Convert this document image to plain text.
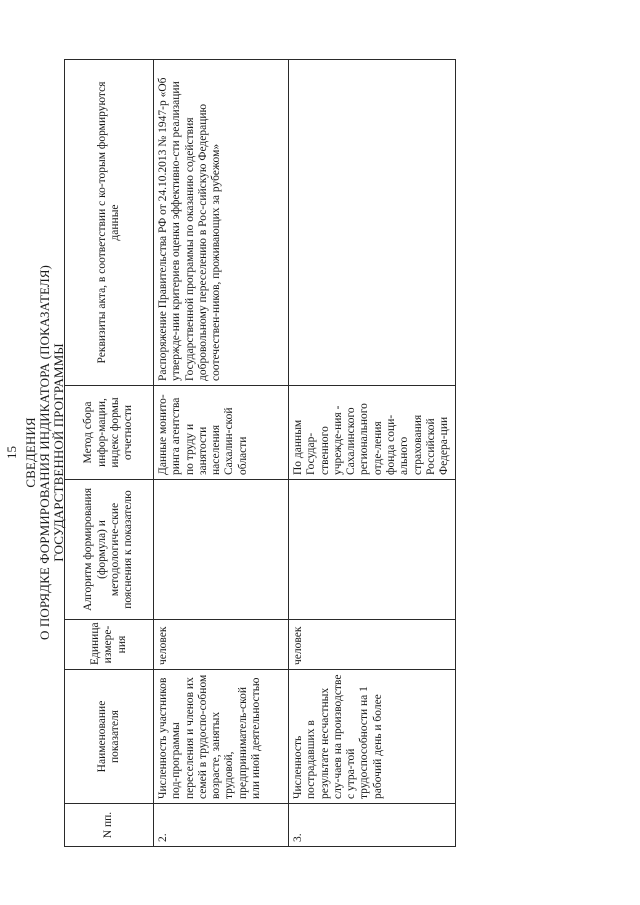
15 СВЕДЕНИЯ О ПОРЯДКЕ ФОРМИРОВАНИЯ ИНДИКАТОРА (ПОКАЗАТЕЛЯ) ГОСУДАРСТВЕННОЙ ПРОГРАММЫ
N пп.	Наименование показателя	Единица измере-ния	Алгоритм формирования (формула) и методологиче-ские пояснения к показателю	Метод сбора инфор-мации, индекс формы отчетности	Реквизиты акта, в соответствии с ко-торым формируются данные
2.	Численность участников под-программы переселения и членов их семей в трудоспо-собном возрасте, занятых трудовой, предприниматель-ской или иной деятельностью	человек		Данные монито-ринга агентства по труду и занятости населения Сахалин-ской области	Распоряжение Правительства РФ от 24.10.2013 № 1947-р «Об утвержде-нии критериев оценки эффективно-сти реализации Государственной программы по оказанию содействия добровольному переселению в Рос-сийскую Федерацию соотечествен-ников, проживающих за рубежом»
3.	Численность пострадавших в результате несчастных слу-чаев на производстве с утра-той трудоспособности на 1 рабочий день и более	человек		По данным Государ-ственного учрежде-ния - Сахалинского регионального отде-ления фонда соци-ального страхования Российской Федера-ции	
